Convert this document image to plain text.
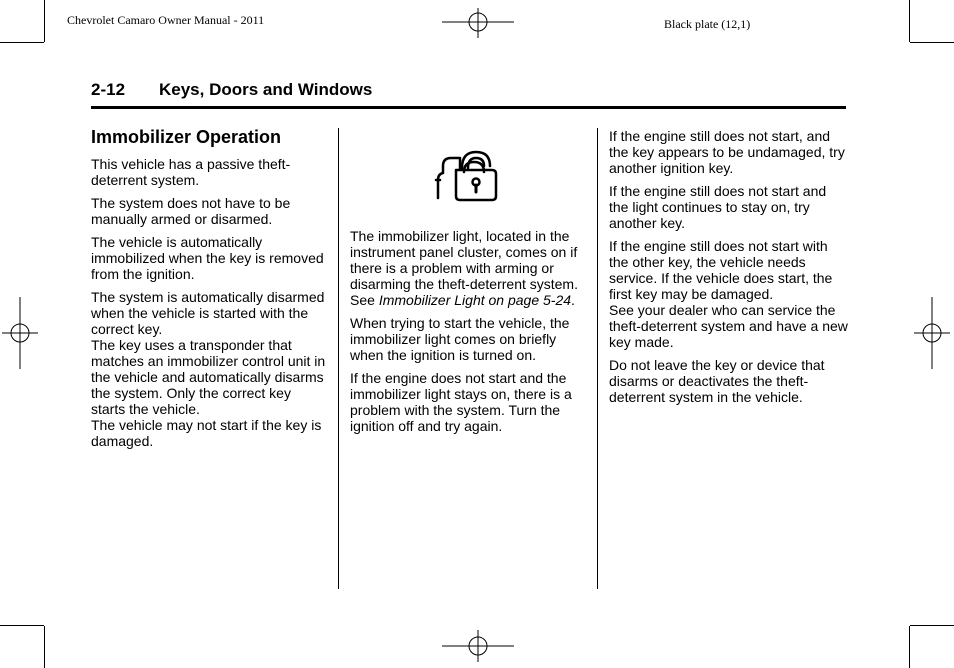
Chevrolet Camaro Owner Manual - 2011	Black plate (12,1)
2-12 Keys, Doors and Windows
Immobilizer Operation

This vehicle has a passive theft-deterrent system.

The system does not have to be manually armed or disarmed.

The vehicle is automatically immobilized when the key is removed from the ignition.

The system is automatically disarmed when the vehicle is started with the correct key.
The key uses a transponder that matches an immobilizer control unit in the vehicle and automatically disarms the system. Only the correct key starts the vehicle.
The vehicle may not start if the key is damaged.

The immobilizer light, located in the instrument panel cluster, comes on if there is a problem with arming or disarming the theft-deterrent system. See Immobilizer Light on page 5-24.

When trying to start the vehicle, the immobilizer light comes on briefly when the ignition is turned on.

If the engine does not start and the immobilizer light stays on, there is a problem with the system. Turn the ignition off and try again.

If the engine still does not start, and the key appears to be undamaged, try another ignition key.

If the engine still does not start and the light continues to stay on, try another key.

If the engine still does not start with the other key, the vehicle needs service. If the vehicle does start, the first key may be damaged.
See your dealer who can service the theft-deterrent system and have a new key made.

Do not leave the key or device that disarms or deactivates the theft-deterrent system in the vehicle.
